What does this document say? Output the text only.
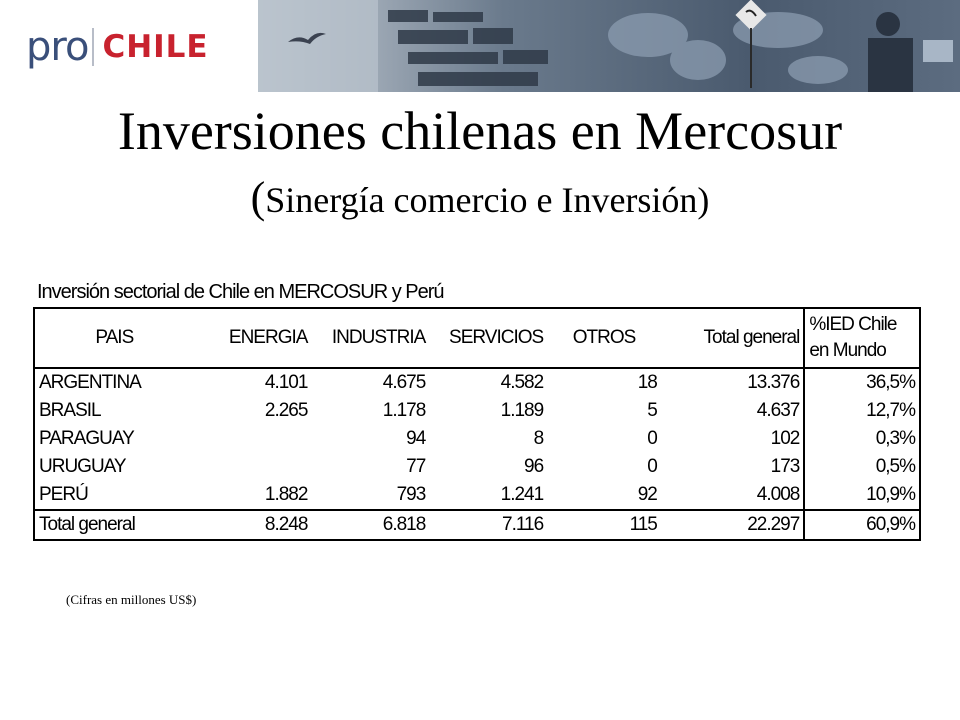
pro CHILE
Inversiones chilenas en Mercosur
(Sinergía comercio e Inversión)
Inversión sectorial de Chile en MERCOSUR y Perú
PAIS	ENERGIA	INDUSTRIA	SERVICIOS	OTROS	Total general	%IED Chile en Mundo
ARGENTINA	4.101	4.675	4.582	18	13.376	36,5%
BRASIL	2.265	1.178	1.189	5	4.637	12,7%
PARAGUAY		94	8	0	102	0,3%
URUGUAY		77	96	0	173	0,5%
PERÚ	1.882	793	1.241	92	4.008	10,9%
Total general	8.248	6.818	7.116	115	22.297	60,9%
(Cifras en millones US$)
